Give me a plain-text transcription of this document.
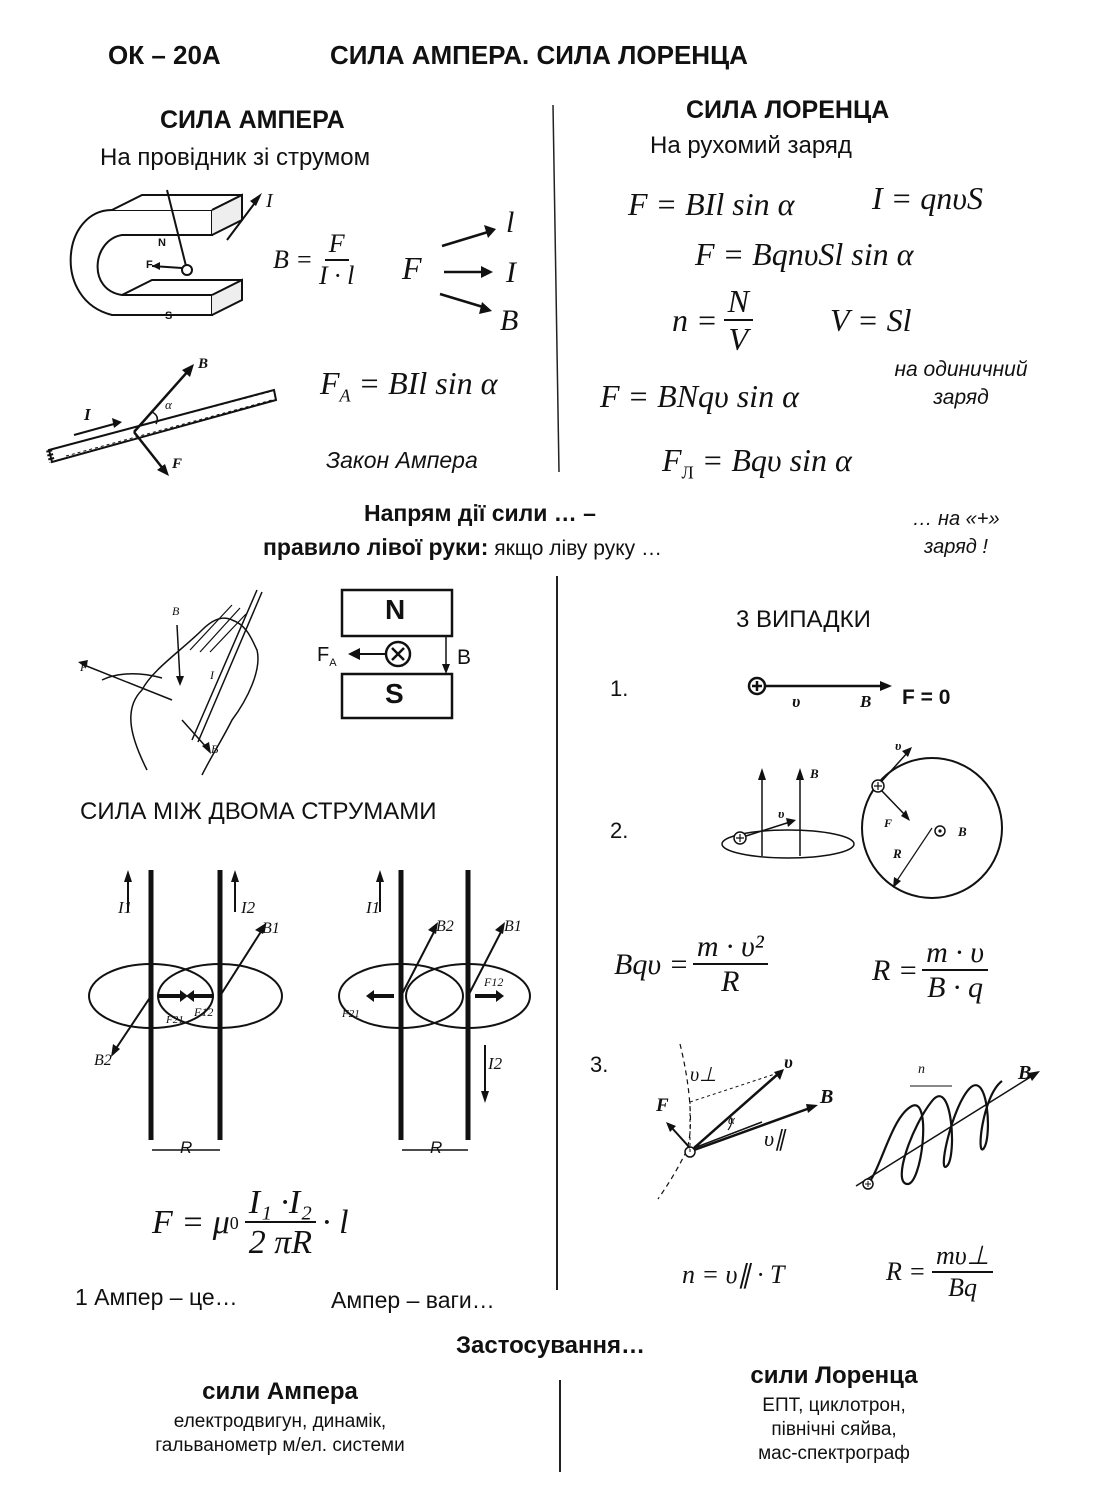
ОК – 20А	СИЛА АМПЕРА. СИЛА ЛОРЕНЦА
СИЛА АМПЕРА
На провідник зі струмом
N
S
F
I
$B = \frac{F}{I \cdot l}$ F
l
I
B
I
B
F
α
$F_A$ = BIl sin α
Закон Ампера
СИЛА ЛОРЕНЦА
На рухомий заряд
F = BIl sin α I = qnυS
F = BqnυSl sin α
$n = \frac{N}{V}$ V = Sl
F = BNqυ sin α
$F_Л = Bq\upsilon$ sin α
на одиничний заряд
Напрям дії сили … –
правило лівої руки: якщо ліву руку …
… на «+» заряд !
B
F
I
B
N
S
$F_A$	B
СИЛА МІЖ ДВОМА СТРУМАМИ
I1	I2
B1
B2
F12
F21
R
I1
I2
B2	B1
F12
F21
R
F = μ $0 \frac{\text{I₁ ·I₂}}{2 \pi R} \cdot l$
1 Ампер – це…	Ампер – ваги…
3 ВИПАДКИ
1.
2.
3.
υ	B F = 0
B
υ
υ
F
B
R
$Bq\upsilon = \frac{\text{m · υ²}}{R}$	$R = \frac{m \cdot \upsilon}{B \cdot q}$
υ⊥
υ
B
F
α
υ∥
n	B
n = υ∥ · T	$R = \frac{m\upsilon\perp}{Bq}$
Застосування…
сили Ампера
електродвигун, динамік,
гальванометр м/ел. системи
сили Лоренца
ЕПТ, циклотрон,
північні сяйва,
мас-спектрограф
